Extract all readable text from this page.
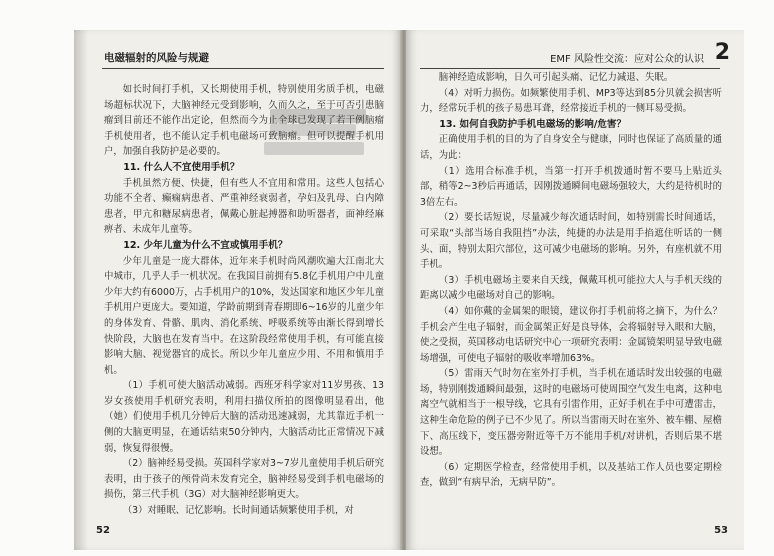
电磁辐射的风险与规避

如长时间打手机，又长期使用手机，特别使用劣质手机，电磁场超标状况下，大脑神经元受到影响，久而久之，至于可否引患脑瘤到目前还不能作出定论，但然而今为止全球已发现了若干例脑瘤手机使用者，也不能认定手机电磁场可致脑瘤。但可以提醒手机用户，加强自我防护是必要的。

11. 什么人不宜使用手机？

手机虽然方便、快捷，但有些人不宜用和常用。这些人包括心功能不全者、癫痫病患者、严重神经衰弱者，孕妇及乳母、白内障患者，甲亢和糖尿病患者，佩戴心脏起搏器和助听器者，面神经麻痹者、未成年儿童等。

12. 少年儿童为什么不宜或慎用手机？

少年儿童是一庞大群体，近年来手机时尚风潮吹遍大江南北大中城市，几乎人手一机状况。在我国目前拥有5.8亿手机用户中儿童少年大约有6000万，占手机用户的10%，发达国家和地区少年儿童手机用户更庞大。要知道，学龄前期到青春期即6~16岁的儿童少年的身体发育、骨骼、肌肉、消化系统、呼吸系统等由渐长得到增长快阶段，大脑也在发育当中。在这阶段经常使用手机，有可能直接影响大脑、视觉器官的成长。所以少年儿童应少用、不用和慎用手机。

（1）手机可使大脑活动减弱。西班牙科学家对11岁男孩、13岁女孩使用手机研究表明，利用扫描仪所拍的图像明显看出，他（她）们使用手机几分钟后大脑的活动迅速减弱，尤其靠近手机一侧的大脑更明显，在通话结束50分钟内，大脑活动比正常情况下减弱，恢复得很慢。

（2）脑神经易受损。英国科学家对3~7岁儿童使用手机后研究表明，由于孩子的颅骨尚未发育完全，脑神经易受到手机电磁场的损伤，第三代手机（3G）对大脑神经影响更大。

（3）对睡眠、记忆影响。长时间通话频繁使用手机，对

52
EMF 风险性交流：应对公众的认识 2

脑神经造成影响，日久可引起头痛、记忆力减退、失眠。

（4）对听力损伤。如频繁使用手机、MP3等达到85分贝就会损害听力，经常玩手机的孩子易患耳聋，经常接近手机的一侧耳易受损。

13. 如何自我防护手机电磁场的影响/危害？

正确使用手机的目的为了自身安全与健康，同时也保证了高质量的通话，为此：

（1）选用合标准手机，当第一打开手机拨通时暂不要马上贴近头部，稍等2~3秒后再通话，因刚拨通瞬间电磁场强较大，大约是待机时的3倍左右。

（2）要长话短说，尽量减少每次通话时间，如特别需长时间通话，可采取“头部当场自我阻挡”办法，纯捷的办法是用手掐遮住听话的一侧头、面，特别太阳穴部位，这可减少电磁场的影响。另外，有座机就不用手机。

（3）手机电磁场主要来自天线，佩戴耳机可能拉大人与手机天线的距离以减少电磁场对自己的影响。

（4）如你戴的金属架的眼镜，建议你打手机前将之摘下，为什么？手机会产生电子辐射，而金属架正好是良导体，会将辐射导入眼和大脑，使之受损，英国移动电话研究中心一项研究表明：金属镜架明显导致电磁场增强，可使电子辐射的吸收率增加63%。

（5）雷雨天气时勿在室外打手机，当手机在通话时发出较强的电磁场，特别刚拨通瞬间最强，这时的电磁场可使周围空气发生电离，这种电离空气就相当于一根导线，它具有引雷作用，正好手机在手中可遭雷击，这种生命危险的例子已不少见了。所以当雷雨天时在室外、被车棚、屋檐下、高压线下，变压器旁附近等千万不能用手机/对讲机，否则后果不堪设想。

（6）定期医学检查，经常使用手机，以及基站工作人员也要定期检查，做到“有病早治，无病早防”。

53
